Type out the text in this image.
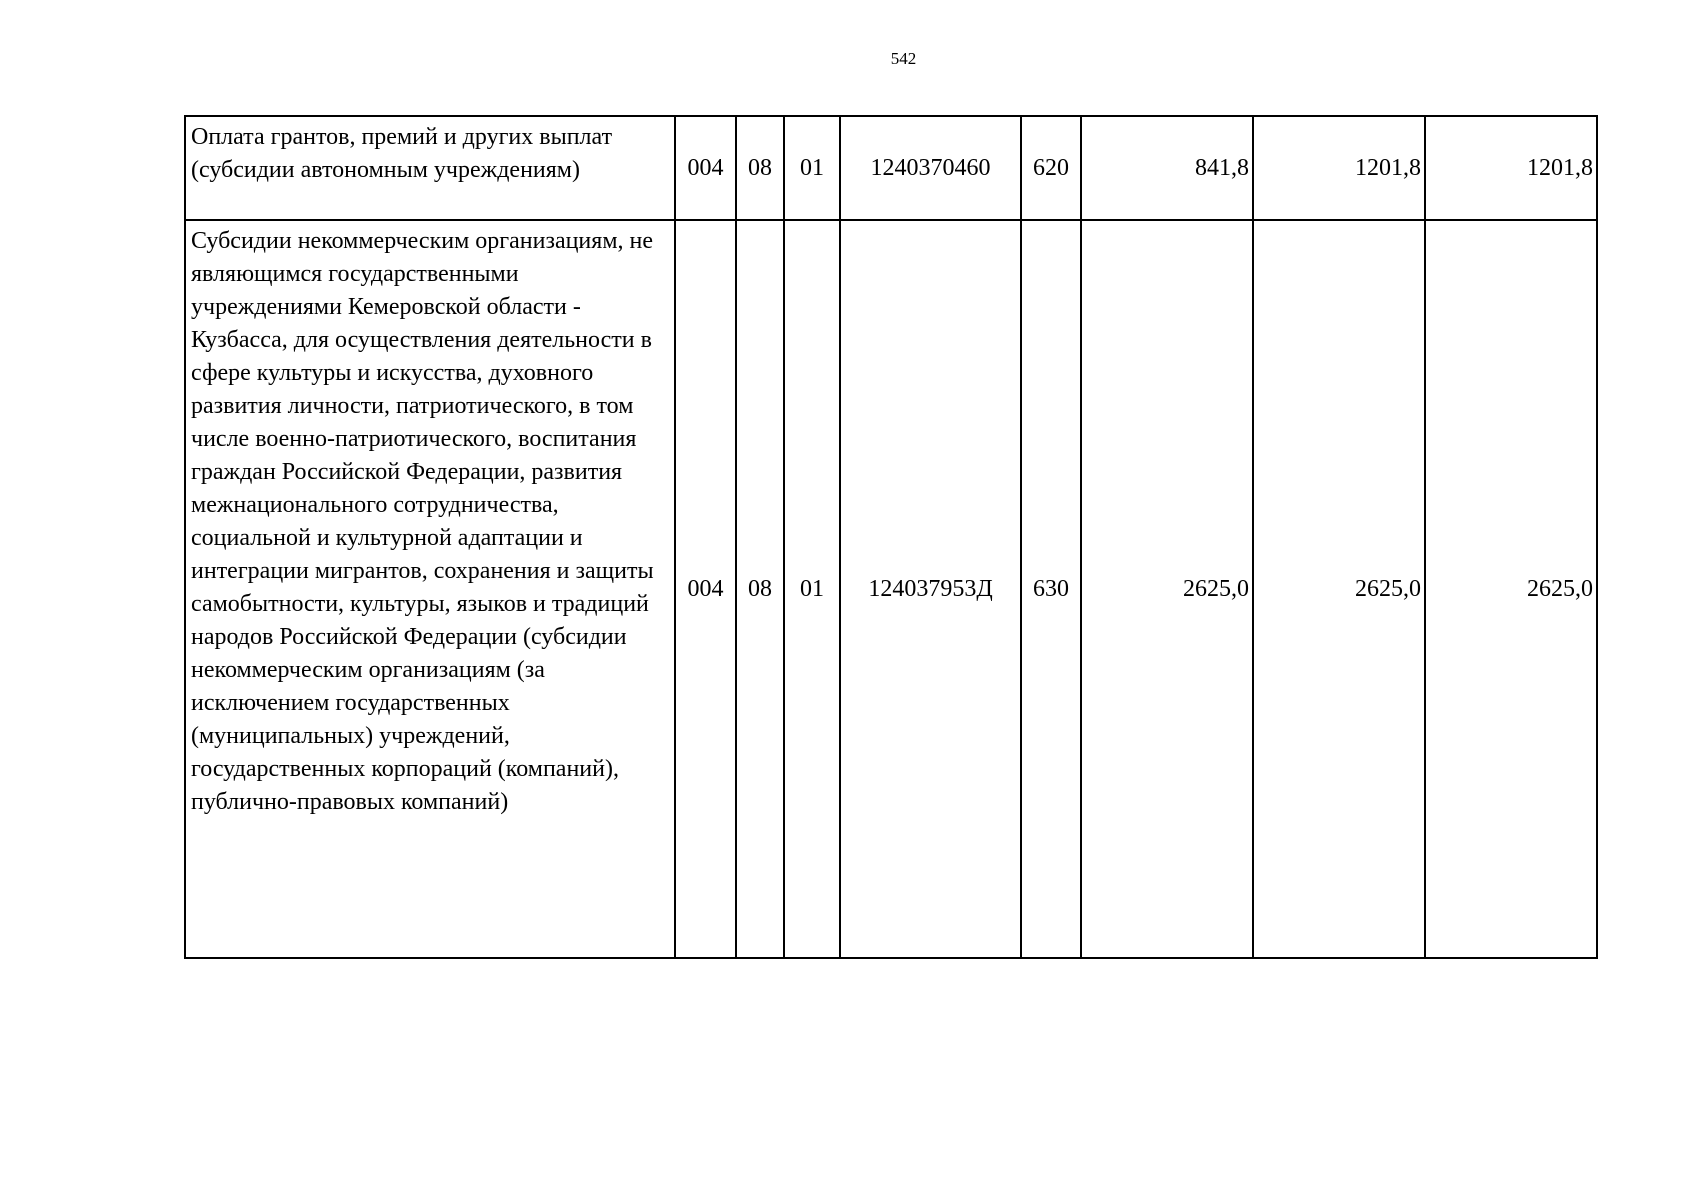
542
Оплата грантов, премий и других выплат (субсидии автономным учреждениям)	004	08	01	1240370460	620	841,8	1201,8	1201,8
Субсидии некоммерческим организациям, не являющимся государственными учреждениями Кемеровской области - Кузбасса, для осуществления деятельности в сфере культуры и искусства, духовного развития личности, патриотического, в том числе военно-патриотического, воспитания граждан Российской Федерации, развития межнационального сотрудничества, социальной и культурной адаптации и интеграции мигрантов, сохранения и защиты самобытности, культуры, языков и традиций народов Российской Федерации (субсидии некоммерческим организациям (за исключением государственных (муниципальных) учреждений, государственных корпораций (компаний), публично-правовых компаний)	004	08	01	124037953Д	630	2625,0	2625,0	2625,0
